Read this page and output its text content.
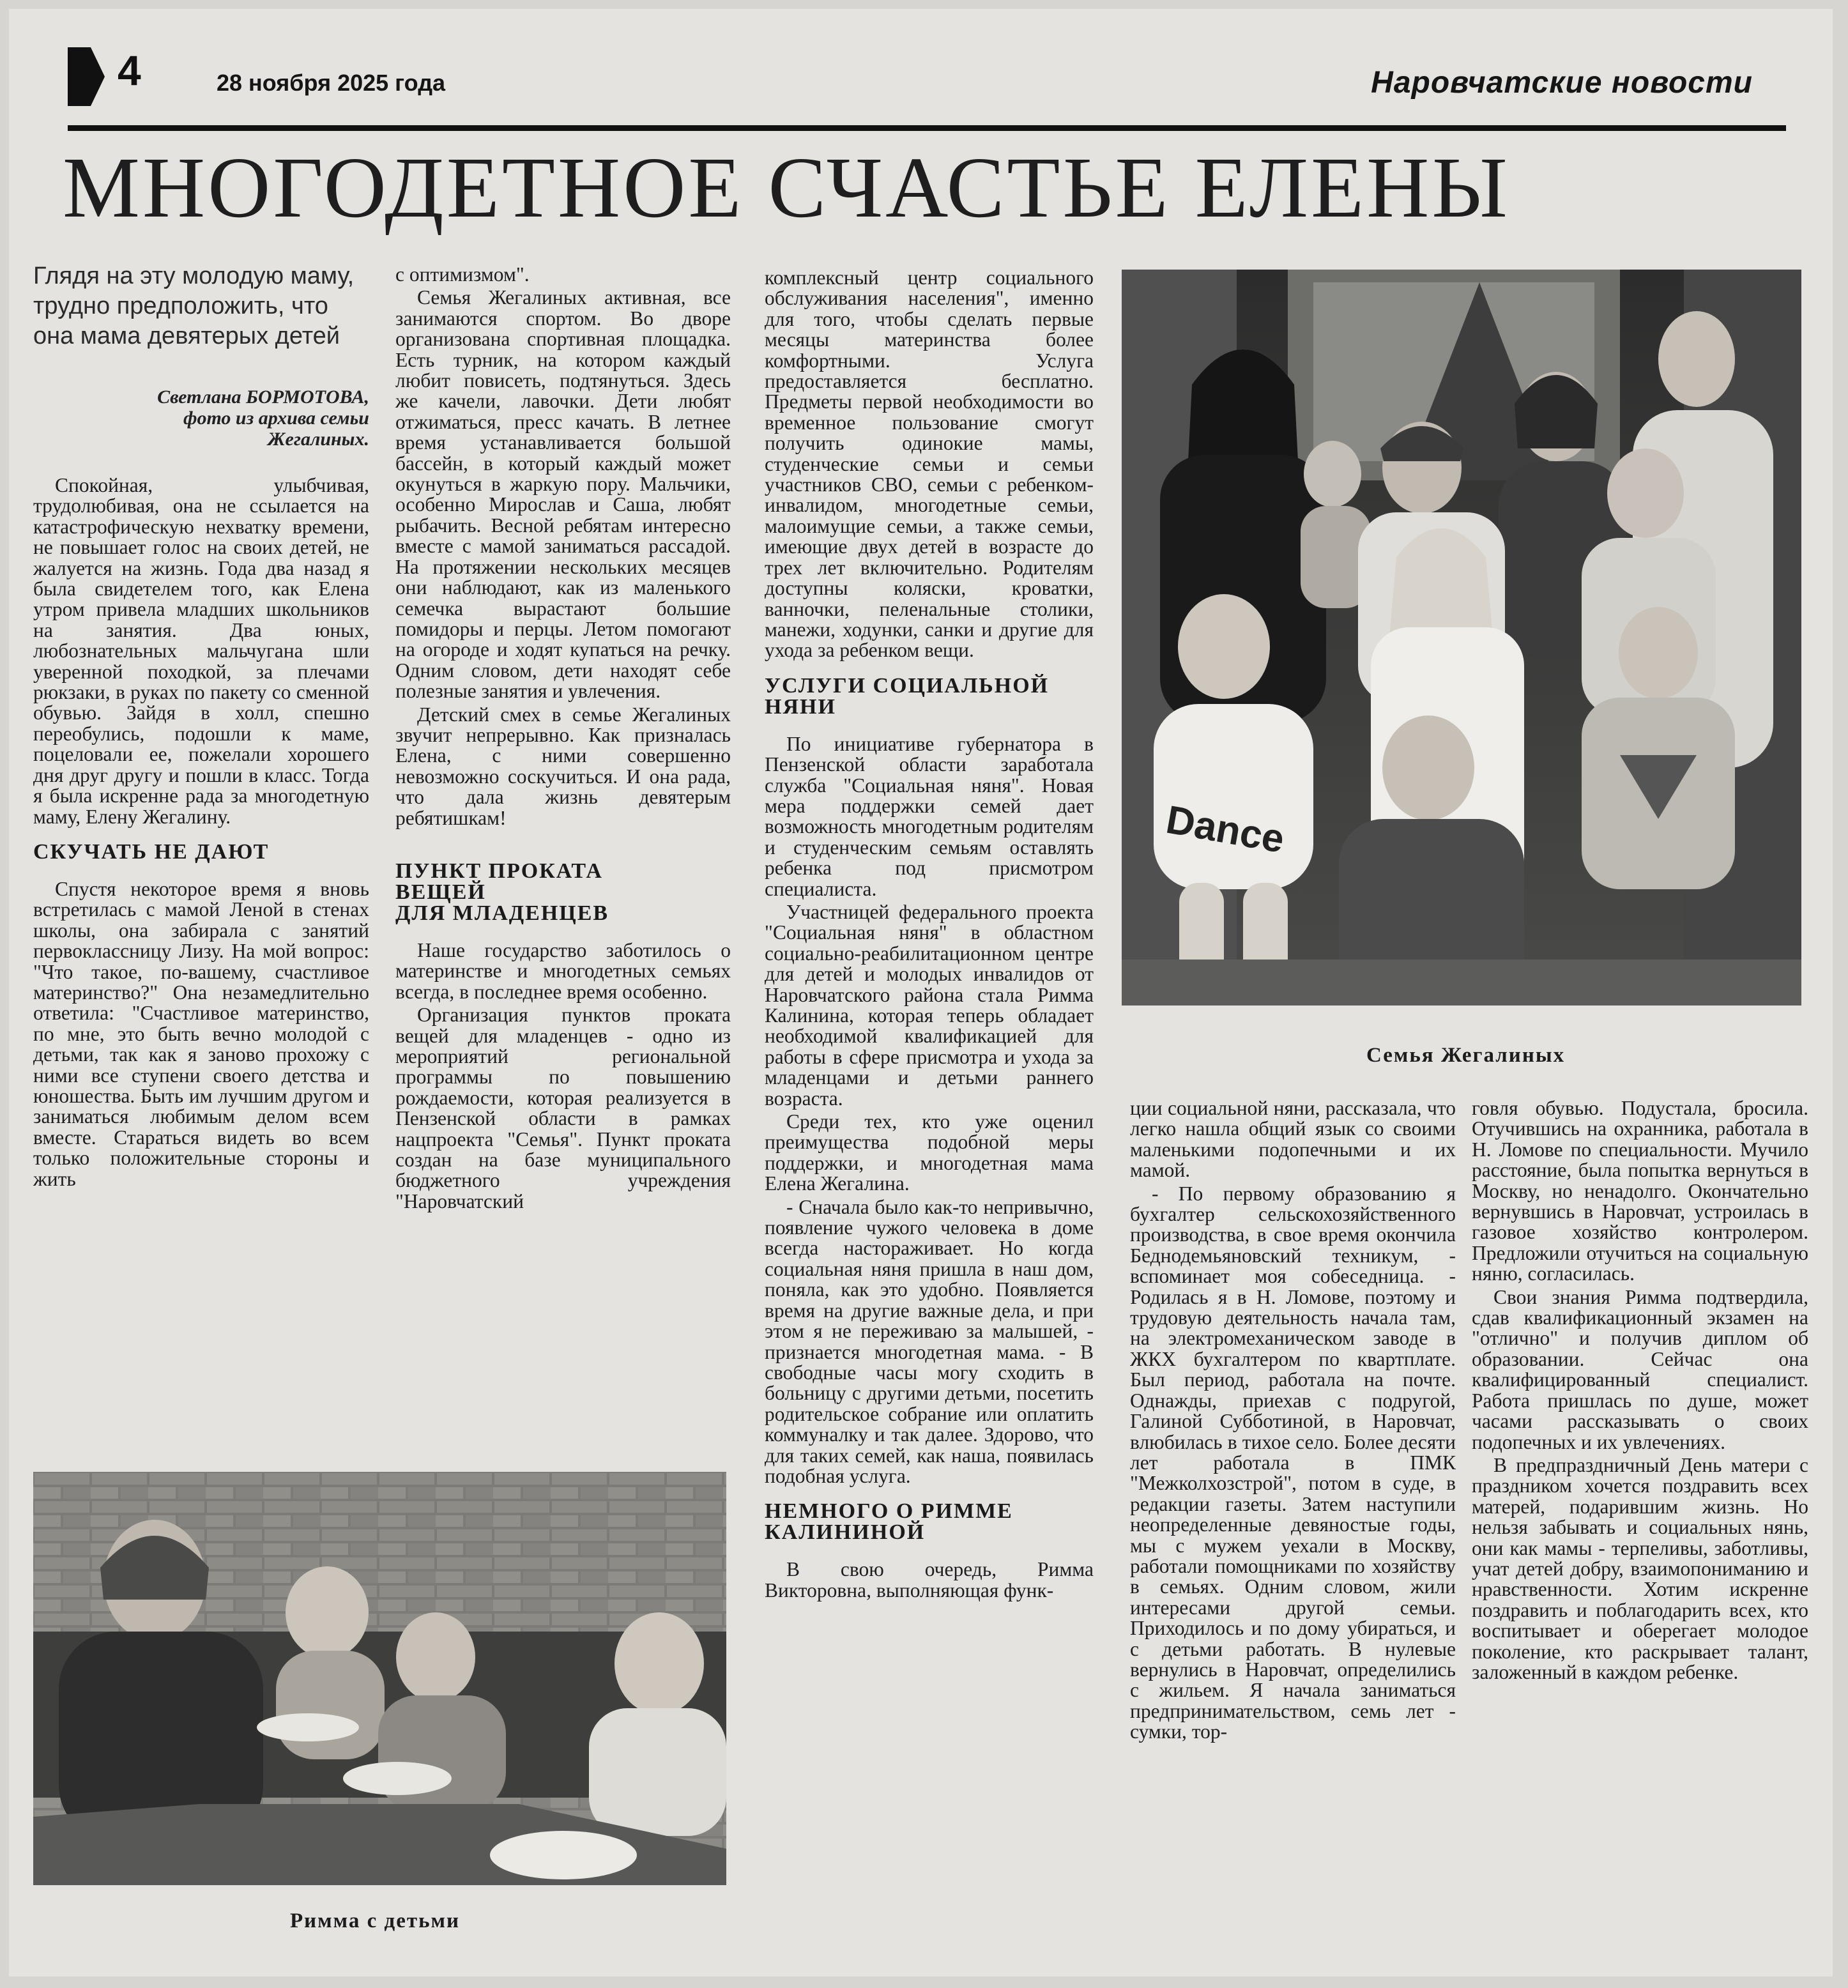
4	28 ноября 2025 года	Наровчатские новости
МНОГОДЕТНОЕ СЧАСТЬЕ ЕЛЕНЫ

Глядя на эту молодую маму, трудно предположить, что она мама девятерых детей

Светлана БОРМОТОВА,
фото из архива семьи
Жегалиных.

Спокойная, улыбчивая, трудолюбивая, она не ссылается на катастрофическую нехватку времени, не повышает голос на своих детей, не жалуется на жизнь. Года два назад я была свидетелем того, как Елена утром привела младших школьников на занятия. Два юных, любознательных мальчугана шли уверенной походкой, за плечами рюкзаки, в руках по пакету со сменной обувью. Зайдя в холл, спешно переобулись, подошли к маме, поцеловали ее, пожелали хорошего дня друг другу и пошли в класс. Тогда я была искренне рада за многодетную маму, Елену Жегалину.

СКУЧАТЬ НЕ ДАЮТ

Спустя некоторое время я вновь встретилась с мамой Леной в стенах школы, она забирала с занятий первоклассницу Лизу. На мой вопрос: "Что такое, по-вашему, счастливое материнство?" Она незамедлительно ответила: "Счастливое материнство, по мне, это быть вечно молодой с детьми, так как я заново прохожу с ними все ступени своего детства и юношества. Быть им лучшим другом и заниматься любимым делом всем вместе. Стараться видеть во всем только положительные стороны и жить

с оптимизмом".

Семья Жегалиных активная, все занимаются спортом. Во дворе организована спортивная площадка. Есть турник, на котором каждый любит повисеть, подтянуться. Здесь же качели, лавочки. Дети любят отжиматься, пресс качать. В летнее время устанавливается большой бассейн, в который каждый может окунуться в жаркую пору. Мальчики, особенно Мирослав и Саша, любят рыбачить. Весной ребятам интересно вместе с мамой заниматься рассадой. На протяжении нескольких месяцев они наблюдают, как из маленького семечка вырастают большие помидоры и перцы. Летом помогают на огороде и ходят купаться на речку. Одним словом, дети находят себе полезные занятия и увлечения.

Детский смех в семье Жегалиных звучит непрерывно. Как призналась Елена, с ними совершенно невозможно соскучиться. И она рада, что дала жизнь девятерым ребятишкам!

ПУНКТ ПРОКАТА
ВЕЩЕЙ
ДЛЯ МЛАДЕНЦЕВ

Наше государство заботилось о материнстве и многодетных семьях всегда, в последнее время особенно.

Организация пунктов проката вещей для младенцев - одно из мероприятий региональной программы по повышению рождаемости, которая реализуется в Пензенской области в рамках нацпроекта "Семья". Пункт проката создан на базе муниципального бюджетного учреждения "Наровчатский

комплексный центр социального обслуживания населения", именно для того, чтобы сделать первые месяцы материнства более комфортными. Услуга предоставляется бесплатно. Предметы первой необходимости во временное пользование смогут получить одинокие мамы, студенческие семьи и семьи участников СВО, семьи с ребенком-инвалидом, многодетные семьи, малоимущие семьи, а также семьи, имеющие двух детей в возрасте до трех лет включительно. Родителям доступны коляски, кроватки, ванночки, пеленальные столики, манежи, ходунки, санки и другие для ухода за ребенком вещи.

УСЛУГИ СОЦИАЛЬНОЙ
НЯНИ

По инициативе губернатора в Пензенской области заработала служба "Социальная няня". Новая мера поддержки семей дает возможность многодетным родителям и студенческим семьям оставлять ребенка под присмотром специалиста.

Участницей федерального проекта "Социальная няня" в областном социально-реабилитационном центре для детей и молодых инвалидов от Наровчатского района стала Римма Калинина, которая теперь обладает необходимой квалификацией для работы в сфере присмотра и ухода за младенцами и детьми раннего возраста.

Среди тех, кто уже оценил преимущества подобной меры поддержки, и многодетная мама Елена Жегалина.

- Сначала было как-то непривычно, появление чужого человека в доме всегда настораживает. Но когда социальная няня пришла в наш дом, поняла, как это удобно. Появляется время на другие важные дела, и при этом я не переживаю за малышей, - признается многодетная мама. - В свободные часы могу сходить в больницу с другими детьми, посетить родительское собрание или оплатить коммуналку и так далее. Здорово, что для таких семей, как наша, появилась подобная услуга.

НЕМНОГО О РИММЕ
КАЛИНИНОЙ

В свою очередь, Римма Викторовна, выполняющая функ-

ции социальной няни, рассказала, что легко нашла общий язык со своими маленькими подопечными и их мамой.

- По первому образованию я бухгалтер сельскохозяйственного производства, в свое время окончила Беднодемьяновский техникум, - вспоминает моя собеседница. - Родилась я в Н. Ломове, поэтому и трудовую деятельность начала там, на электромеханическом заводе в ЖКХ бухгалтером по квартплате. Был период, работала на почте. Однажды, приехав с подругой, Галиной Субботиной, в Наровчат, влюбилась в тихое село. Более десяти лет работала в ПМК "Межколхозстрой", потом в суде, в редакции газеты. Затем наступили неопределенные девяностые годы, мы с мужем уехали в Москву, работали помощниками по хозяйству в семьях. Одним словом, жили интересами другой семьи. Приходилось и по дому убираться, и с детьми работать. В нулевые вернулись в Наровчат, определились с жильем. Я начала заниматься предпринимательством, семь лет - сумки, тор-

говля обувью. Подустала, бросила. Отучившись на охранника, работала в Н. Ломове по специальности. Мучило расстояние, была попытка вернуться в Москву, но ненадолго. Окончательно вернувшись в Наровчат, устроилась в газовое хозяйство контролером. Предложили отучиться на социальную няню, согласилась.

Свои знания Римма подтвердила, сдав квалификационный экзамен на "отлично" и получив диплом об образовании. Сейчас она квалифицированный специалист. Работа пришлась по душе, может часами рассказывать о своих подопечных и их увлечениях.

В предпраздничный День матери с праздником хочется поздравить всех матерей, подарившим жизнь. Но нельзя забывать и социальных нянь, они как мамы - терпеливы, заботливы, учат детей добру, взаимопониманию и нравственности. Хотим искренне поздравить и поблагодарить всех, кто воспитывает и оберегает молодое поколение, кто раскрывает талант, заложенный в каждом ребенке.

Dance
Семья Жегалиных
Римма с детьми
